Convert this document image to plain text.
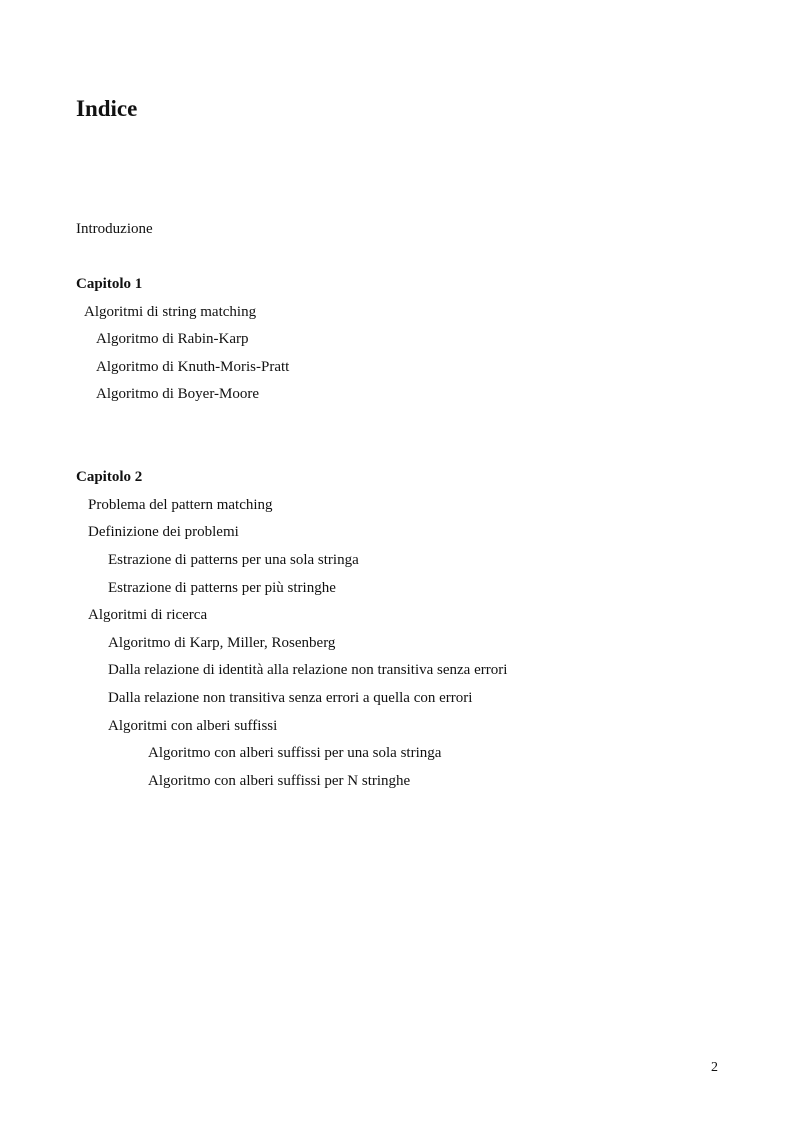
Indice
Introduzione
Capitolo 1
Algoritmi di string matching
Algoritmo di Rabin-Karp
Algoritmo di Knuth-Moris-Pratt
Algoritmo di Boyer-Moore
Capitolo 2
Problema del pattern matching
Definizione dei problemi
Estrazione di patterns per una sola stringa
Estrazione di patterns per più stringhe
Algoritmi di ricerca
Algoritmo di Karp, Miller, Rosenberg
Dalla relazione di identità alla relazione non transitiva senza errori
Dalla relazione non transitiva senza errori a quella con errori
Algoritmi con alberi suffissi
Algoritmo con alberi suffissi per una sola stringa
Algoritmo con alberi suffissi per N stringhe
2
